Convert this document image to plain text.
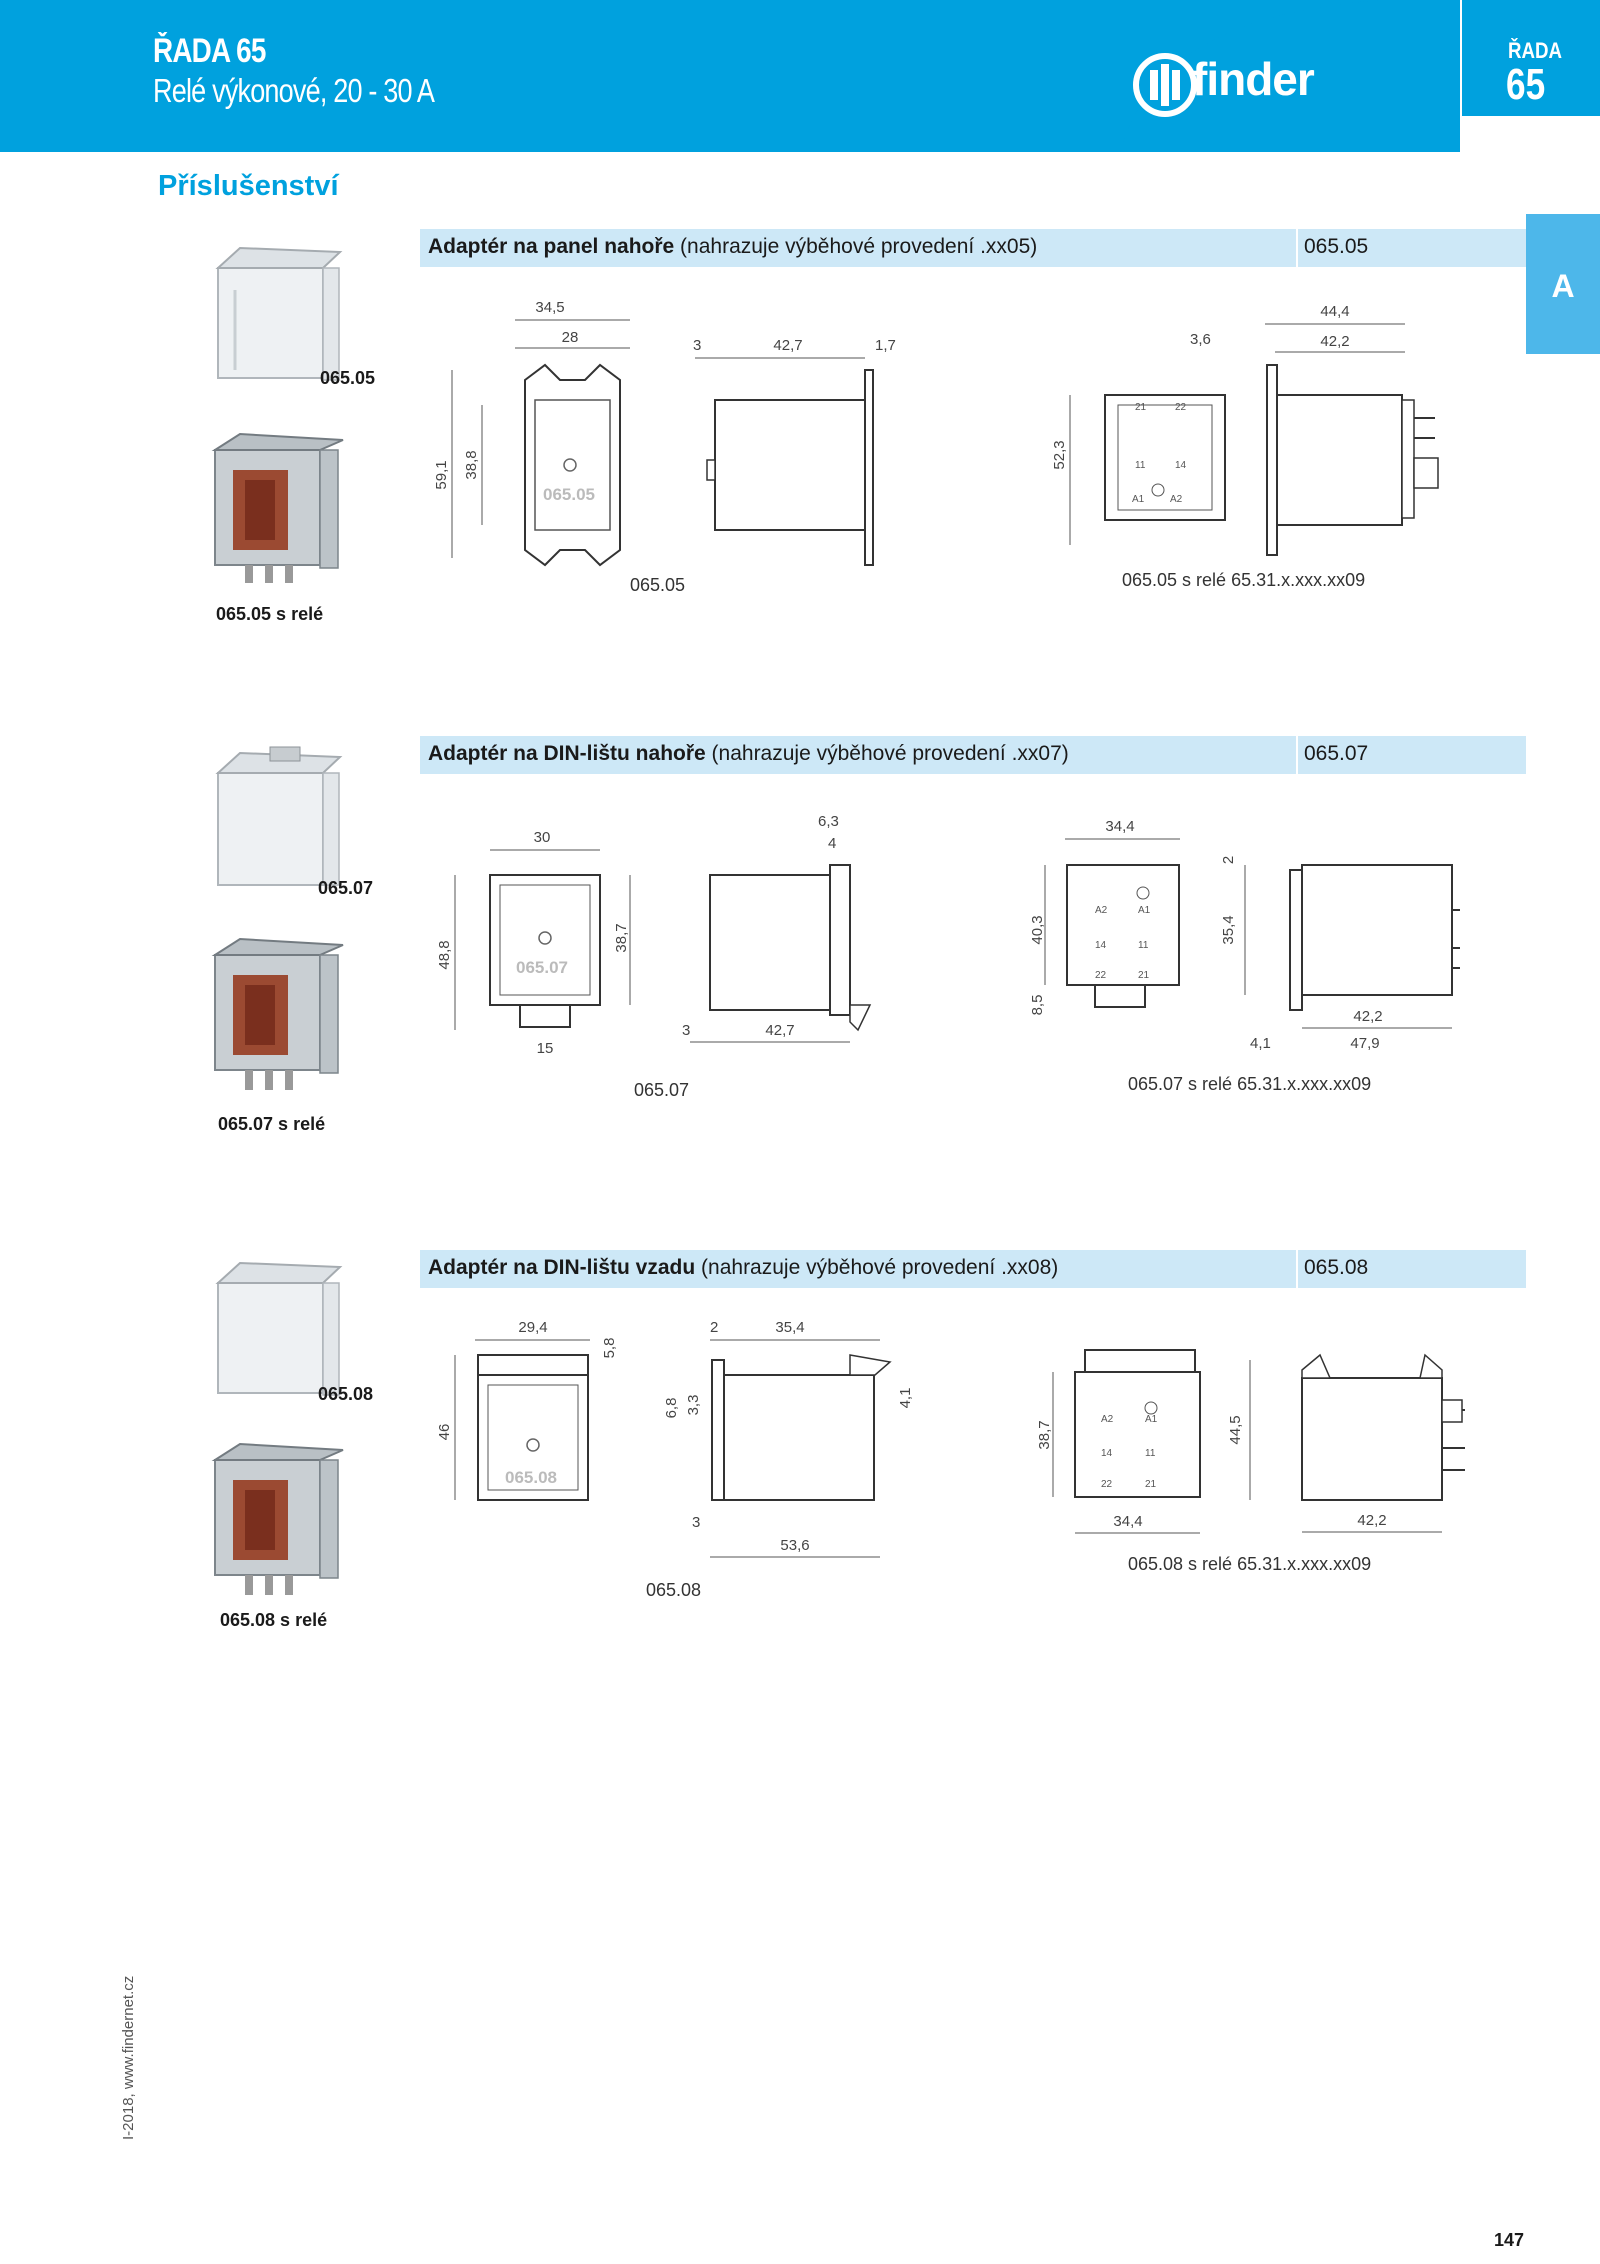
ŘADA 65
Relé výkonové, 20 - 30 A	finder
ŘADA
65
A
Příslušenství
Adaptér na panel nahoře (nahrazuje výběhové provedení .xx05)	065.05
065.05
065.05 s relé
34,5
28
065.05
59,1 38,8
3	42,7	1,7	3,6
21	22
11	14
A1	A2
52,3
44,4
42,2
065.05	065.05 s relé 65.31.x.xxx.xx09
Adaptér na DIN-lištu nahoře (nahrazuje výběhové provedení .xx07)	065.07
065.07
065.07 s relé
30
065.07
48,8
38,7
15
6,3
4
3	42,7
34,4
A2	A1
14	11
22	21
40,3
8,5
2
35,4
42,2
4,1	47,9
065.07	065.07 s relé 65.31.x.xxx.xx09
Adaptér na DIN-lištu vzadu (nahrazuje výběhové provedení .xx08)	065.08
065.08
065.08 s relé
29,4
5,8
065.08
46
2	35,4
6,8 3,3	4,1
3
53,6
A2	A1
14	11
22	21
38,7
34,4
44,5
42,2
065.08
065.08 s relé 65.31.x.xxx.xx09
I-2018, www.findernet.cz
147
